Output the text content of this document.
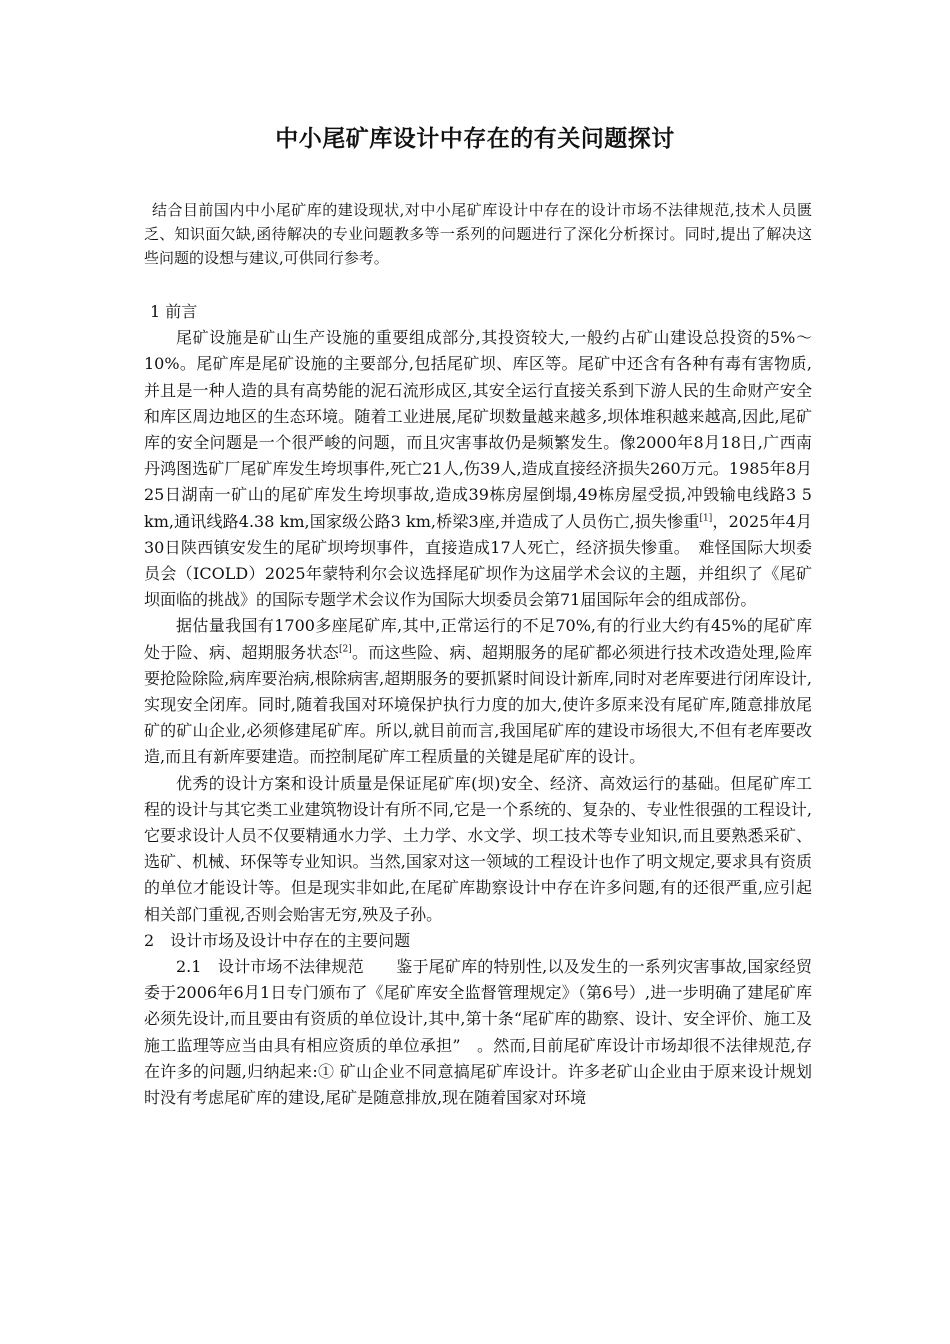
中小尾矿库设计中存在的有关问题探讨

结合目前国内中小尾矿库的建设现状,对中小尾矿库设计中存在的设计市场不法律规范,技术人员匮乏、知识面欠缺,函待解决的专业问题教多等一系列的问题进行了深化分析探讨。同时,提出了解决这些问题的设想与建议,可供同行参考。

1 前言

尾矿设施是矿山生产设施的重要组成部分,其投资较大,一般约占矿山建设总投资的5%～10%。尾矿库是尾矿设施的主要部分,包括尾矿坝、库区等。尾矿中还含有各种有毒有害物质,并且是一种人造的具有高势能的泥石流形成区,其安全运行直接关系到下游人民的生命财产安全和库区周边地区的生态环境。随着工业进展,尾矿坝数量越来越多,坝体堆积越来越高,因此,尾矿库的安全问题是一个很严峻的问题，而且灾害事故仍是频繁发生。像2000年8月18日,广西南丹鸿图选矿厂尾矿库发生垮坝事件,死亡21人,伤39人,造成直接经济损失260万元。1985年8月25日湖南一矿山的尾矿库发生垮坝事故,造成39栋房屋倒塌,49栋房屋受损,冲毁输电线路3 5 km,通讯线路4.38 km,国家级公路3 km,桥梁3座,并造成了人员伤亡,损失惨重[1]，2025年4月30日陕西镇安发生的尾矿坝垮坝事件，直接造成17人死亡，经济损失惨重。　难怪国际大坝委员会（ICOLD）2025年蒙特利尔会议选择尾矿坝作为这届学术会议的主题，并组织了《尾矿坝面临的挑战》的国际专题学术会议作为国际大坝委员会第71届国际年会的组成部份。

据估量我国有1700多座尾矿库,其中,正常运行的不足70%,有的行业大约有45%的尾矿库处于险、病、超期服务状态[2]。而这些险、病、超期服务的尾矿都必须进行技术改造处理,险库要抢险除险,病库要治病,根除病害,超期服务的要抓紧时间设计新库,同时对老库要进行闭库设计,实现安全闭库。同时,随着我国对环境保护执行力度的加大,使许多原来没有尾矿库,随意排放尾矿的矿山企业,必须修建尾矿库。所以,就目前而言,我国尾矿库的建设市场很大,不但有老库要改造,而且有新库要建造。而控制尾矿库工程质量的关键是尾矿库的设计。

优秀的设计方案和设计质量是保证尾矿库(坝)安全、经济、高效运行的基础。但尾矿库工程的设计与其它类工业建筑物设计有所不同,它是一个系统的、复杂的、专业性很强的工程设计,它要求设计人员不仅要精通水力学、土力学、水文学、坝工技术等专业知识,而且要熟悉采矿、选矿、机械、环保等专业知识。当然,国家对这一领域的工程设计也作了明文规定,要求具有资质的单位才能设计等。但是现实非如此,在尾矿库勘察设计中存在许多问题,有的还很严重,应引起相关部门重视,否则会贻害无穷,殃及子孙。

2　设计市场及设计中存在的主要问题

2.1　设计市场不法律规范　　鉴于尾矿库的特别性,以及发生的一系列灾害事故,国家经贸委于2006年6月1日专门颁布了《尾矿库安全监督管理规定》（第6号）,进一步明确了建尾矿库必须先设计,而且要由有资质的单位设计,其中,第十条“尾矿库的勘察、设计、安全评价、施工及施工监理等应当由具有相应资质的单位承担”　。然而,目前尾矿库设计市场却很不法律规范,存在许多的问题,归纳起来:① 矿山企业不同意搞尾矿库设计。许多老矿山企业由于原来设计规划时没有考虑尾矿库的建设,尾矿是随意排放,现在随着国家对环境
